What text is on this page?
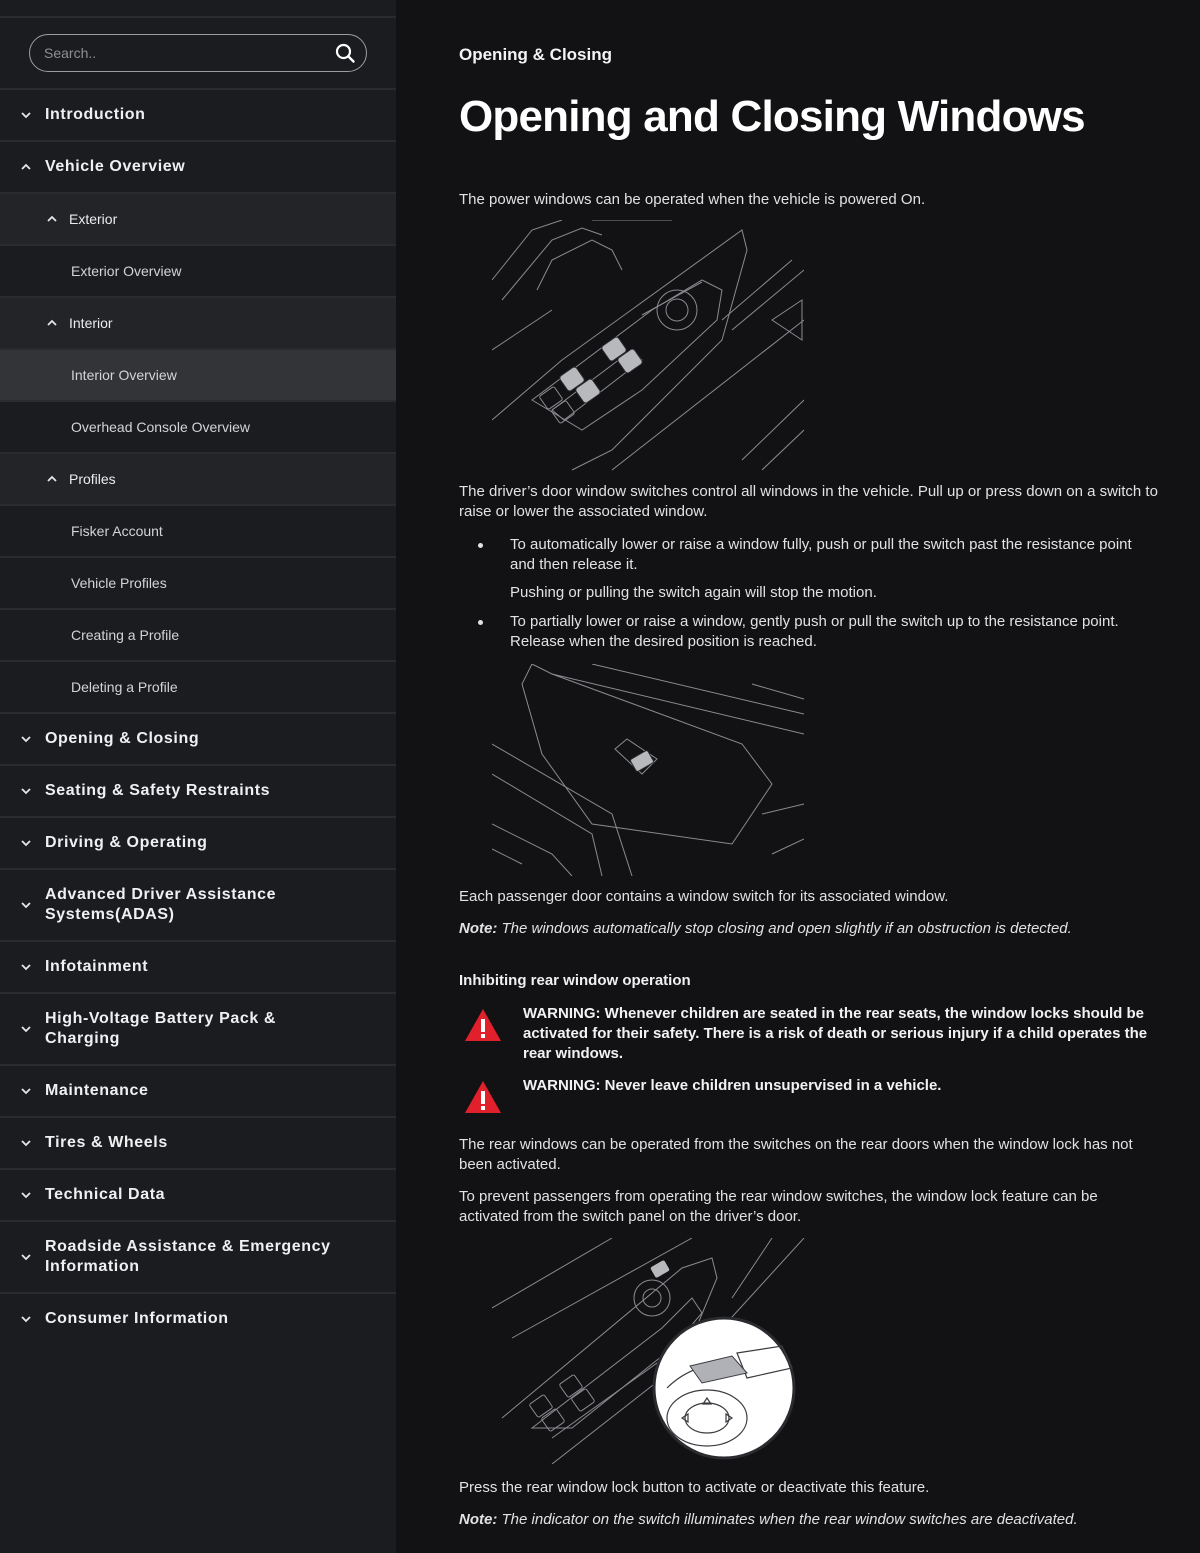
Search..
Introduction
Vehicle Overview
Exterior
Exterior Overview
Interior
Interior Overview
Overhead Console Overview
Profiles
Fisker Account
Vehicle Profiles
Creating a Profile
Deleting a Profile
Opening & Closing
Seating & Safety Restraints
Driving & Operating
Advanced Driver Assistance Systems(ADAS)
Infotainment
High-Voltage Battery Pack & Charging
Maintenance
Tires & Wheels
Technical Data
Roadside Assistance & Emergency Information
Consumer Information
Opening & Closing
Opening and Closing Windows
The power windows can be operated when the vehicle is powered On.
The driver’s door window switches control all windows in the vehicle. Pull up or press down on a switch to raise or lower the associated window.
To automatically lower or raise a window fully, push or pull the switch past the resistance point and then release it.
Pushing or pulling the switch again will stop the motion.
To partially lower or raise a window, gently push or pull the switch up to the resistance point. Release when the desired position is reached.
Each passenger door contains a window switch for its associated window.
Note: The windows automatically stop closing and open slightly if an obstruction is detected.
Inhibiting rear window operation
WARNING: Whenever children are seated in the rear seats, the window locks should be activated for their safety. There is a risk of death or serious injury if a child operates the rear windows.
WARNING: Never leave children unsupervised in a vehicle.
The rear windows can be operated from the switches on the rear doors when the window lock has not been activated.
To prevent passengers from operating the rear window switches, the window lock feature can be activated from the switch panel on the driver’s door.
Press the rear window lock button to activate or deactivate this feature.
Note: The indicator on the switch illuminates when the rear window switches are deactivated.
